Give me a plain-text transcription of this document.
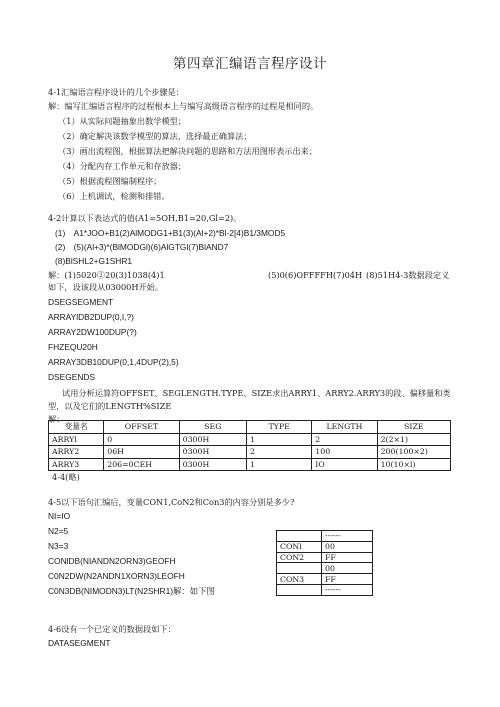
第四章汇编语言程序设计
4-1汇编语言程序设计的几个步骤是：
解：编写汇编语言程序的过程根本上与编写高级语言程序的过程是相同的。
（1）从实际问题抽象出数学模型；
（2）确定解决该数学模型的算法，选择最正确算法；
（3）画出流程图，根据算法把解决问题的思路和方法用图形表示出来；
（4）分配内存工作单元和存放器；
（5）根据流程图编制程序；
（6）上机调试，检测和排错。
4-2计算以下表达式的值(A1=5OH,B1=20,Gl=2)。
(1)　A1*JOO+B1(2)AlMODG1+B1(3)(Al+2)*Bl-2[4)B1/3MOD5
(2)　(5)(Al+3)*(BlMODGl)(6)AlGTGl(7)BlAND7
(8)BlSHL2+G1SHR1
解：(1)5020②20(3)1038(4)1	(5)0(6)OFFFFH(7)04H (8)51H4-3数据段定义
如下，设该段从03000H开始。
DSEGSEGMENT
ARRAYlDB2DUP(0,I,?)
ARRAY2DW100DUP(?)
FHZEQU20H
ARRAY3DB10DUP(0,1,4DUP(2),5)
DSEGENDS
试用分析运算符OFFSET、SEGLENGTH.TYPE、SIZE求出ARRY1、ARRY2.ARRY3的段、偏移量和类
型，以及它们的LENGTH%SIZE
解：
变量名	OFFSET	SEG	TYPE	LENGTH	SIZE
ARRYl	0	0300H	1	2	2(2×1)
ARRY2	06H	0300H	2	100	200(100×2)
ARRY3	206=0CEH	0300H	1	IO	10(10×l)
4-4(略)
4-5以下语句汇编后，变量CON1,CoN2和Con3的内容分别是多少?
NI=IO
N2=5
N3=3
CONlDB(NIANDN2ORN3)GEOFH
C0N2DW(N2ANDN1XORN3)LEOFH
C0N3DB(NIMODN3)LT(N2SHR1)解：如下图
	------
CONl	00
CON2	FF
	00
CON3	FF
	------
4-6设有一个已定义的数据段如下：
DATASEGMENT
